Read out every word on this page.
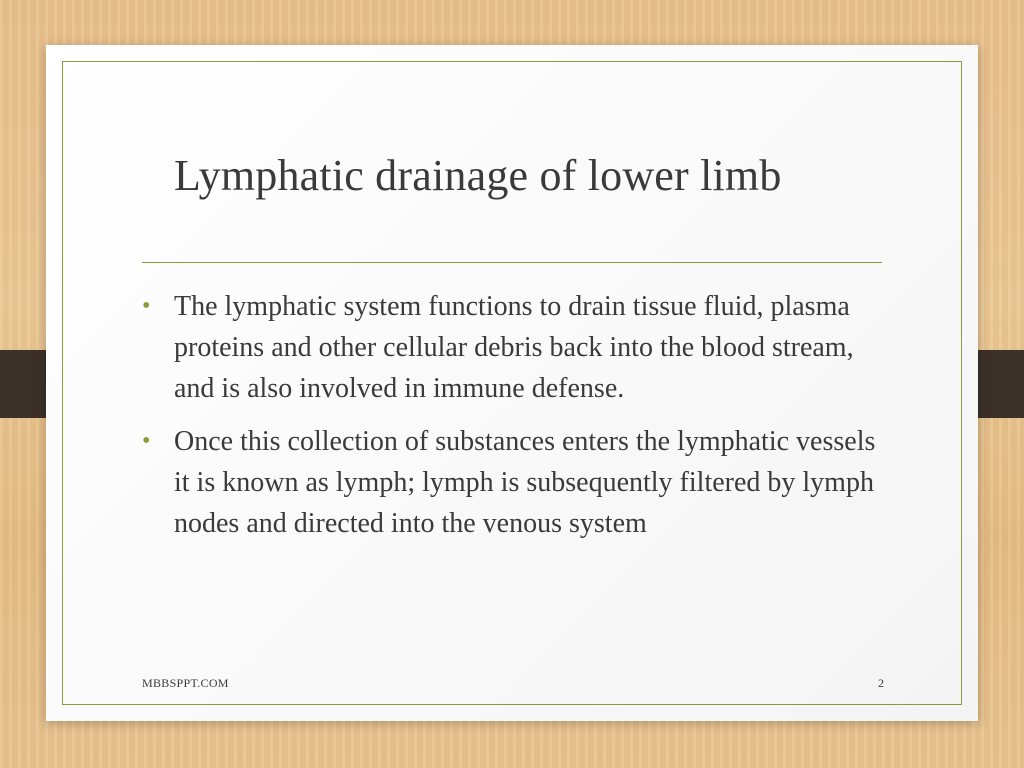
Lymphatic drainage of lower limb
• The lymphatic system functions to drain tissue fluid, plasma proteins and other cellular debris back into the blood stream, and is also involved in immune defense.
• Once this collection of substances enters the lymphatic vessels it is known as lymph; lymph is subsequently filtered by lymph nodes and directed into the venous system
MBBSPPT.COM	2
